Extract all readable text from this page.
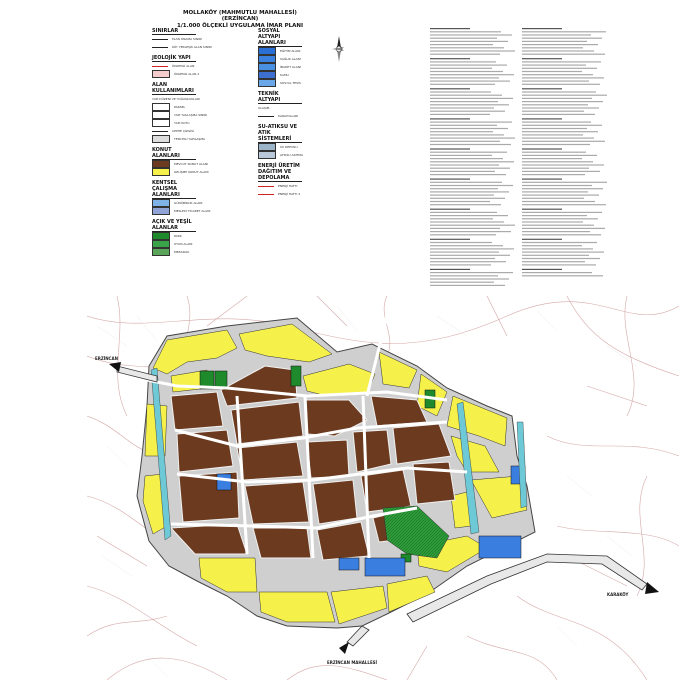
MOLLAKÖY (MAHMUTLU MAHALLESİ) (ERZİNCAN)
1/1.000 ÖLÇEKLİ UYGULAMA İMAR PLANI
SINIRLAR
PLAN ONAMA SINIRI
KÖY YERLEŞİK ALAN SINIRI
JEOLOJİK YAPI
ÖNLEMLİ ALAN
ÖNLEMLİ ALAN 2
ALAN KULLANIMLARI
YAPI DÜZENİ VE YOĞUNLUKLARI
PARSEL
YAPI YAKLAŞMA SINIRI
YAPI KOTU
CEPHE ÇİZGİSİ
TERCİHLİ YAPILAŞMA
KONUT ALANLARI
MEVCUT KONUT ALANI
GELİŞME KONUT ALANI
KENTSEL ÇALIŞMA ALANLARI
GÜNÜBİRLİK ALANI
MESLEKİ TİCARET ALANI
AÇIK VE YEŞİL ALANLAR
PARK
OYUN ALANI
MEZARLIK
SOSYAL ALTYAPI ALANLARI
EĞİTİM ALANI
SAĞLIK ALANI
İBADET ALANI
KAMU
SOSYAL TESİS
TEKNİK ALTYAPI
ULAŞIM
KARAYOLLARI
SU-ATIKSU VE ATIK SİSTEMLERİ
SU DEPOSU
ATIKSU ARITMA
ENERJİ ÜRETİM DAĞITIM VE DEPOLAMA
ENERJİ HATTI
ENERJİ HATTI 2
ERZİNCAN
ERZİNCAN MAHALLESİ
KARAKÖY
